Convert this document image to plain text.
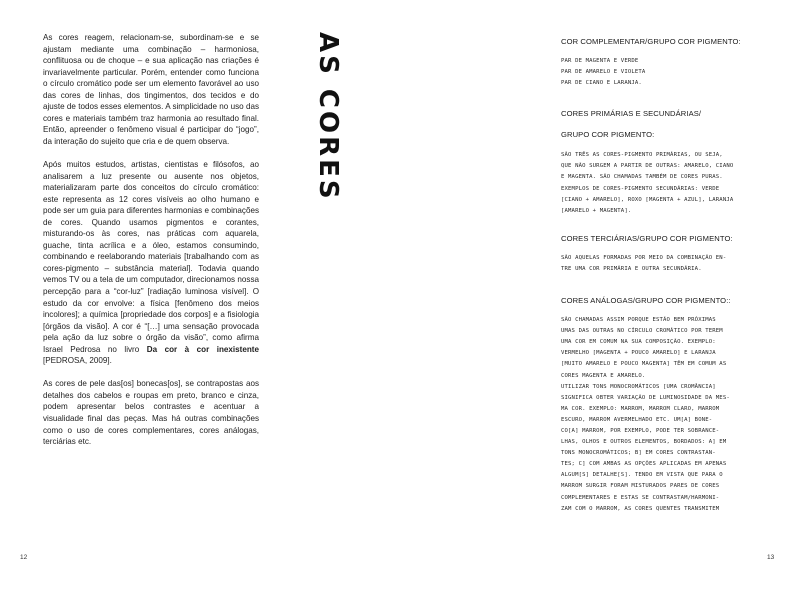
As cores reagem, relacionam-se, subordinam-se e se ajustam mediante uma combinação – harmoniosa, conflituosa ou de choque – e sua aplicação nas criações é invariavelmente particular. Porém, entender como funciona o círculo cromático pode ser um elemento favorável ao uso das cores de linhas, dos tingimentos, dos tecidos e do ajuste de todos esses elementos. A simplicidade no uso das cores e materiais também traz harmonia ao resultado final. Então, apreender o fenômeno visual é participar do “jogo”, da interação do sujeito que cria e de quem observa.

Após muitos estudos, artistas, cientistas e filósofos, ao analisarem a luz presente ou ausente nos objetos, materializaram parte dos conceitos do círculo cromático: este representa as 12 cores visíveis ao olho humano e pode ser um guia para diferentes harmonias e combinações de cores. Quando usamos pigmentos e corantes, misturando-os às cores, nas práticas com aquarela, guache, tinta acrílica e a óleo, estamos consumindo, combinando e reelaborando materiais [trabalhando com as cores-pigmento – substância material]. Todavia quando vemos TV ou a tela de um computador, direcionamos nossa percepção para a “cor-luz” [radiação luminosa visível]. O estudo da cor envolve: a física [fenômeno dos meios incolores]; a química [propriedade dos corpos] e a fisiologia [órgãos da visão]. A cor é “[…] uma sensação provocada pela ação da luz sobre o órgão da visão”, como afirma Israel Pedrosa no livro Da cor à cor inexistente [PEDROSA, 2009].

As cores de pele das[os] bonecas[os], se contrapostas aos detalhes dos cabelos e roupas em preto, branco e cinza, podem apresentar belos contrastes e acentuar a visualidade final das peças. Mas há outras combinações como o uso de cores complementares, cores análogas, terciárias etc.

AS CORES	COR COMPLEMENTAR/GRUPO COR PIGMENTO:

PAR DE MAGENTA E VERDE
PAR DE AMARELO E VIOLETA
PAR DE CIANO E LARANJA.

CORES PRIMÁRIAS E SECUNDÁRIAS/

GRUPO COR PIGMENTO:

SÃO TRÊS AS CORES-PIGMENTO PRIMÁRIAS, OU SEJA,
QUE NÃO SURGEM A PARTIR DE OUTRAS: AMARELO, CIANO
E MAGENTA. SÃO CHAMADAS TAMBÉM DE CORES PURAS.
EXEMPLOS DE CORES-PIGMENTO SECUNDÁRIAS: VERDE
[CIANO + AMARELO], ROXO [MAGENTA + AZUL], LARANJA
[AMARELO + MAGENTA].

CORES TERCIÁRIAS/GRUPO COR PIGMENTO:

SÃO AQUELAS FORMADAS POR MEIO DA COMBINAÇÃO EN-
TRE UMA COR PRIMÁRIA E OUTRA SECUNDÁRIA.

CORES ANÁLOGAS/GRUPO COR PIGMENTO::

SÃO CHAMADAS ASSIM PORQUE ESTÃO BEM PRÓXIMAS
UMAS DAS OUTRAS NO CÍRCULO CROMÁTICO POR TEREM
UMA COR EM COMUM NA SUA COMPOSIÇÃO. EXEMPLO:
VERMELHO [MAGENTA + POUCO AMARELO] E LARANJA
[MUITO AMARELO E POUCO MAGENTA] TÊM EM COMUM AS
CORES MAGENTA E AMARELO.
UTILIZAR TONS MONOCROMÁTICOS [UMA CROMÂNCIA]
SIGNIFICA OBTER VARIAÇÃO DE LUMINOSIDADE DA MES-
MA COR. EXEMPLO: MARROM, MARROM CLARO, MARROM
ESCURO, MARROM AVERMELHADO ETC. UM[A] BONE-
CO[A] MARROM, POR EXEMPLO, PODE TER SOBRANCE-
LHAS, OLHOS E OUTROS ELEMENTOS, BORDADOS: A] EM
TONS MONOCROMÁTICOS; B] EM CORES CONTRASTAN-
TES; C] COM AMBAS AS OPÇÕES APLICADAS EM APENAS
ALGUM[S] DETALHE[S]. TENDO EM VISTA QUE PARA O
MARROM SURGIR FORAM MISTURADOS PARES DE CORES
COMPLEMENTARES E ESTAS SE CONTRASTAM/HARMONI-
ZAM COM O MARROM, AS CORES QUENTES TRANSMITEM

12	13
